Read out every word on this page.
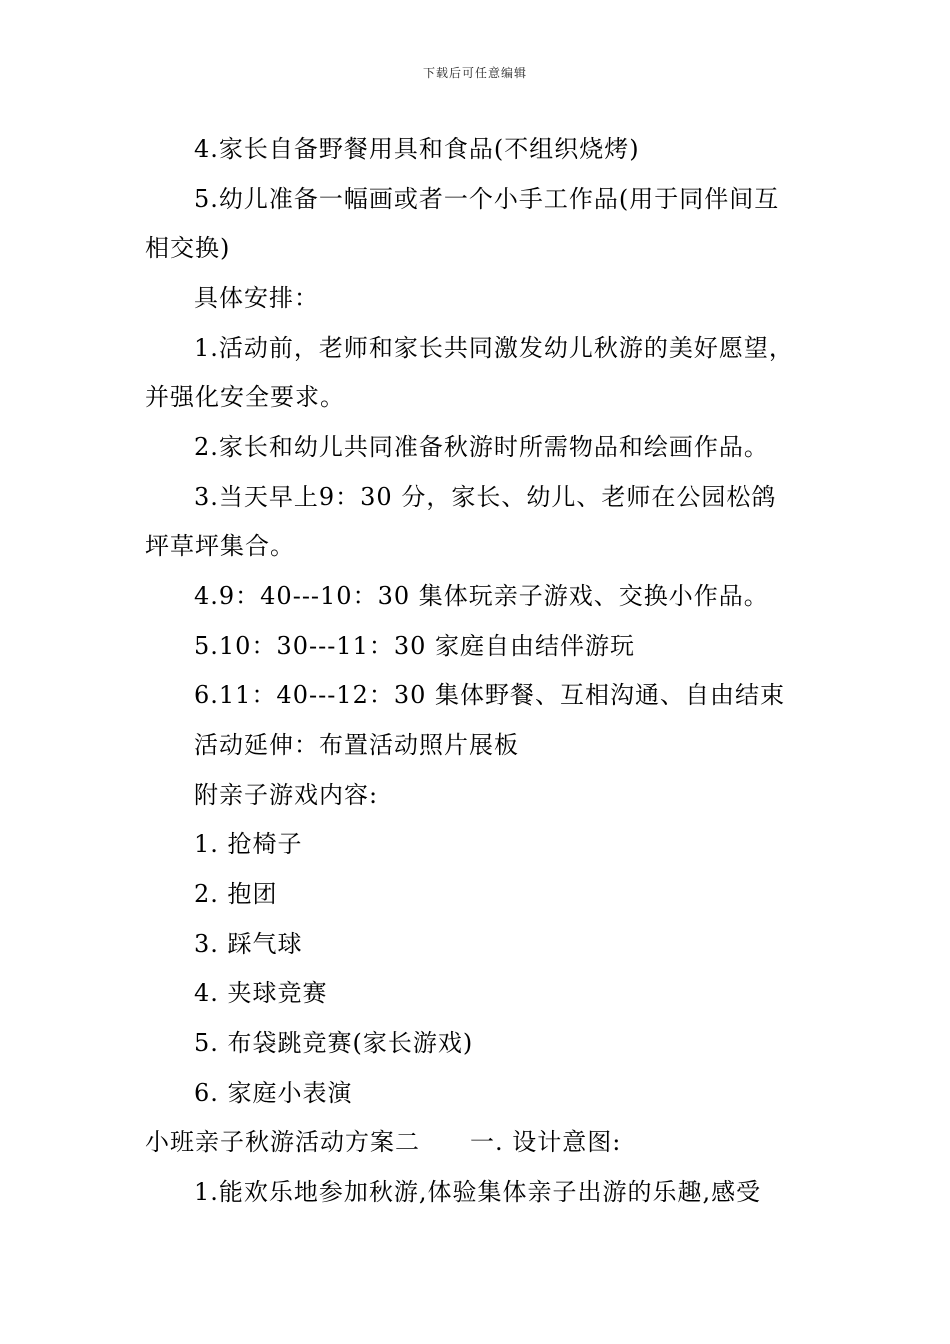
下载后可任意编辑
4.家长自备野餐用具和食品(不组织烧烤)
5.幼儿准备一幅画或者一个小手工作品(用于同伴间互
相交换)
具体安排：
1.活动前，老师和家长共同激发幼儿秋游的美好愿望，
并强化安全要求。
2.家长和幼儿共同准备秋游时所需物品和绘画作品。
3.当天早上9：30 分，家长、幼儿、老师在公园松鸽
坪草坪集合。
4.9：40---10：30 集体玩亲子游戏、交换小作品。
5.10：30---11：30 家庭自由结伴游玩
6.11：40---12：30 集体野餐、互相沟通、自由结束
活动延伸：布置活动照片展板
附亲子游戏内容:
1. 抢椅子
2. 抱团
3. 踩气球
4. 夹球竞赛
5. 布袋跳竞赛(家长游戏)
6. 家庭小表演
小班亲子秋游活动方案二　　一. 设计意图:
1.能欢乐地参加秋游,体验集体亲子出游的乐趣,感受
